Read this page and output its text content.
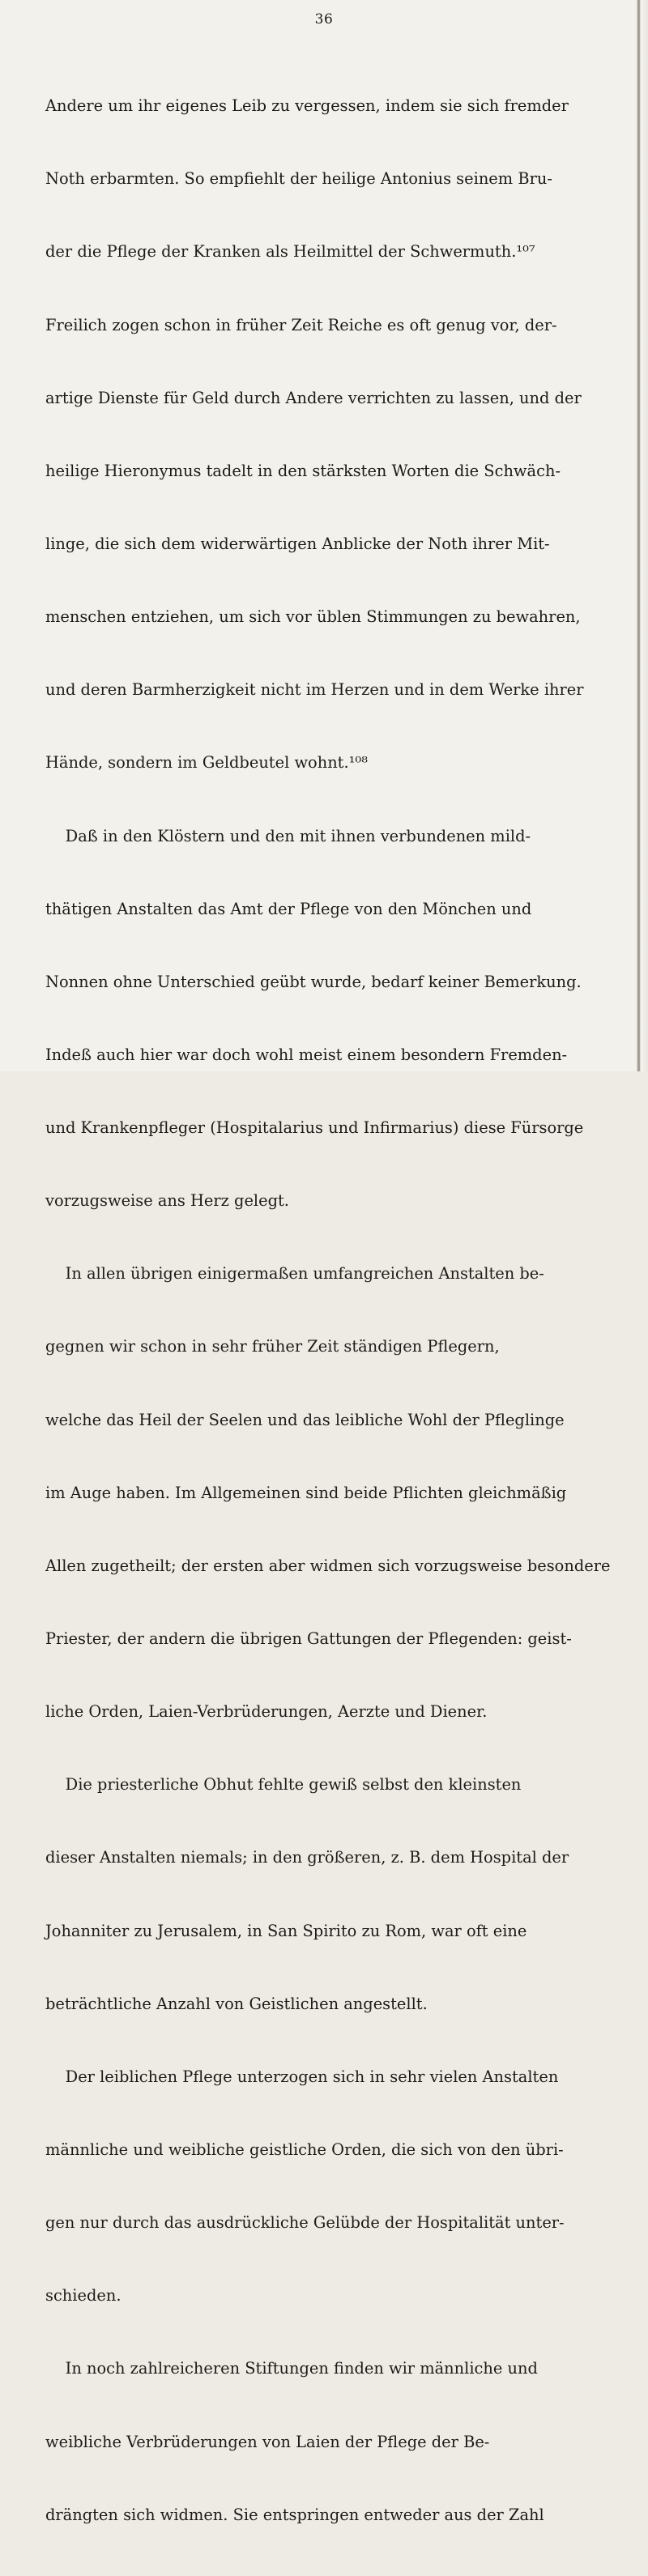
36

Andere um ihr eigenes Leib zu vergessen, indem sie sich fremder

Noth erbarmten. So empfiehlt der heilige Antonius seinem Bru-

der die Pflege der Kranken als Heilmittel der Schwermuth.¹⁰⁷

Freilich zogen schon in früher Zeit Reiche es oft genug vor, der-

artige Dienste für Geld durch Andere verrichten zu lassen, und der

heilige Hieronymus tadelt in den stärksten Worten die Schwäch-

linge, die sich dem widerwärtigen Anblicke der Noth ihrer Mit-

menschen entziehen, um sich vor üblen Stimmungen zu bewahren,

und deren Barmherzigkeit nicht im Herzen und in dem Werke ihrer

Hände, sondern im Geldbeutel wohnt.¹⁰⁸

Daß in den Klöstern und den mit ihnen verbundenen mild-

thätigen Anstalten das Amt der Pflege von den Mönchen und

Nonnen ohne Unterschied geübt wurde, bedarf keiner Bemerkung.

Indeß auch hier war doch wohl meist einem besondern Fremden-

und Krankenpfleger (Hospitalarius und Infirmarius) diese Fürsorge

vorzugsweise ans Herz gelegt.

In allen übrigen einigermaßen umfangreichen Anstalten be-

gegnen wir schon in sehr früher Zeit ständigen Pflegern,

welche das Heil der Seelen und das leibliche Wohl der Pfleglinge

im Auge haben. Im Allgemeinen sind beide Pflichten gleichmäßig

Allen zugetheilt; der ersten aber widmen sich vorzugsweise besondere

Priester, der andern die übrigen Gattungen der Pflegenden: geist-

liche Orden, Laien-Verbrüderungen, Aerzte und Diener.

Die priesterliche Obhut fehlte gewiß selbst den kleinsten

dieser Anstalten niemals; in den größeren, z. B. dem Hospital der

Johanniter zu Jerusalem, in San Spirito zu Rom, war oft eine

beträchtliche Anzahl von Geistlichen angestellt.

Der leiblichen Pflege unterzogen sich in sehr vielen Anstalten

männliche und weibliche geistliche Orden, die sich von den übri-

gen nur durch das ausdrückliche Gelübde der Hospitalität unter-

schieden.

In noch zahlreicheren Stiftungen finden wir männliche und

weibliche Verbrüderungen von Laien der Pflege der Be-

drängten sich widmen. Sie entspringen entweder aus der Zahl
